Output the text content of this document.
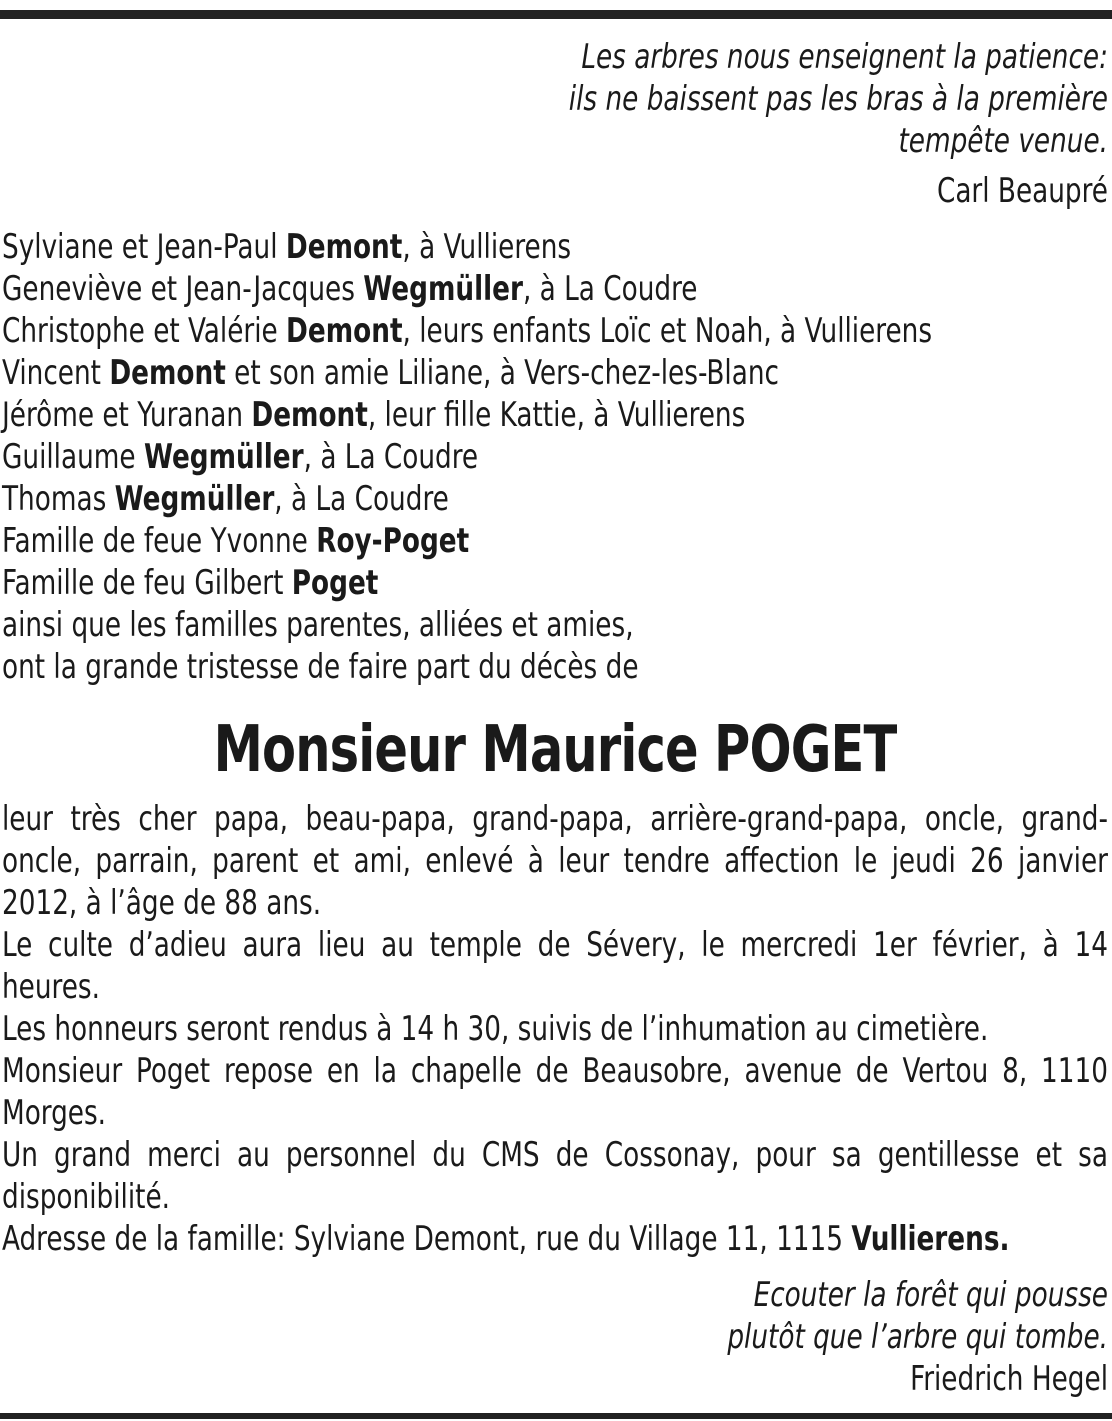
Les arbres nous enseignent la patience:
ils ne baissent pas les bras à la première
tempête venue.
Carl Beaupré
Sylviane et Jean-Paul Demont, à Vullierens
Geneviève et Jean-Jacques Wegmüller, à La Coudre
Christophe et Valérie Demont, leurs enfants Loïc et Noah, à Vullierens
Vincent Demont et son amie Liliane, à Vers-chez-les-Blanc
Jérôme et Yuranan Demont, leur fille Kattie, à Vullierens
Guillaume Wegmüller, à La Coudre
Thomas Wegmüller, à La Coudre
Famille de feue Yvonne Roy-Poget
Famille de feu Gilbert Poget
ainsi que les familles parentes, alliées et amies,
ont la grande tristesse de faire part du décès de
Monsieur Maurice POGET
leur très cher papa, beau-papa, grand-papa, arrière-grand-papa, oncle, grand-oncle, parrain, parent et ami, enlevé à leur tendre affection le jeudi 26 janvier 2012, à l’âge de 88 ans.
Le culte d’adieu aura lieu au temple de Sévery, le mercredi 1er février, à 14 heures.
Les honneurs seront rendus à 14 h 30, suivis de l’inhumation au cimetière.
Monsieur Poget repose en la chapelle de Beausobre, avenue de Vertou 8, 1110 Morges.
Un grand merci au personnel du CMS de Cossonay, pour sa gentillesse et sa disponibilité.
Adresse de la famille: Sylviane Demont, rue du Village 11, 1115 Vullierens.
Ecouter la forêt qui pousse
plutôt que l’arbre qui tombe.
Friedrich Hegel
